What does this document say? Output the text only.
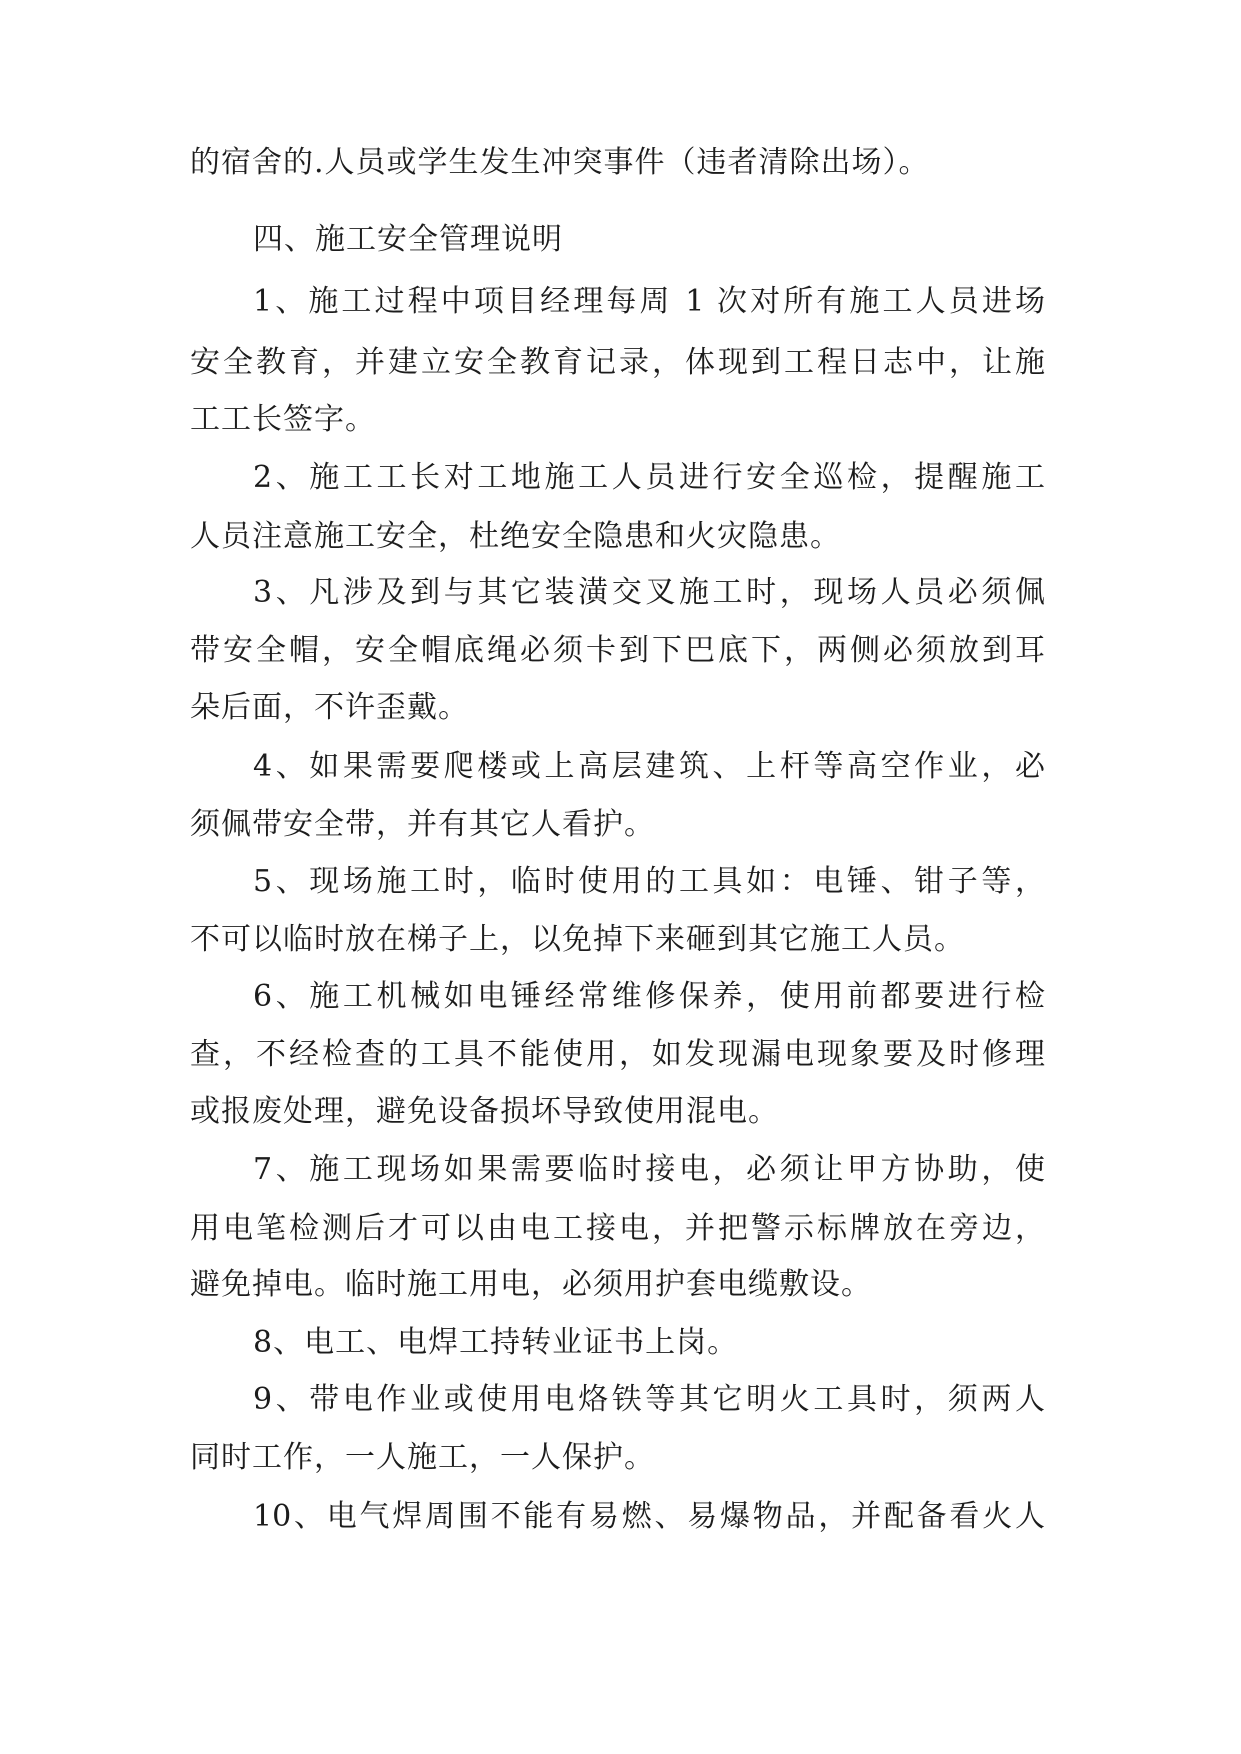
的宿舍的.人员或学生发生冲突事件（违者清除出场）。
四、施工安全管理说明
1、施工过程中项目经理每周 1 次对所有施工人员进场
安全教育，并建立安全教育记录，体现到工程日志中，让施
工工长签字。
2、施工工长对工地施工人员进行安全巡检，提醒施工
人员注意施工安全，杜绝安全隐患和火灾隐患。
3、凡涉及到与其它装潢交叉施工时，现场人员必须佩
带安全帽，安全帽底绳必须卡到下巴底下，两侧必须放到耳
朵后面，不许歪戴。
4、如果需要爬楼或上高层建筑、上杆等高空作业，必
须佩带安全带，并有其它人看护。
5、现场施工时，临时使用的工具如：电锤、钳子等，
不可以临时放在梯子上，以免掉下来砸到其它施工人员。
6、施工机械如电锤经常维修保养，使用前都要进行检
查，不经检查的工具不能使用，如发现漏电现象要及时修理
或报废处理，避免设备损坏导致使用混电。
7、施工现场如果需要临时接电，必须让甲方协助，使
用电笔检测后才可以由电工接电，并把警示标牌放在旁边，
避免掉电。临时施工用电，必须用护套电缆敷设。
8、电工、电焊工持转业证书上岗。
9、带电作业或使用电烙铁等其它明火工具时，须两人
同时工作，一人施工，一人保护。
10、电气焊周围不能有易燃、易爆物品，并配备看火人
